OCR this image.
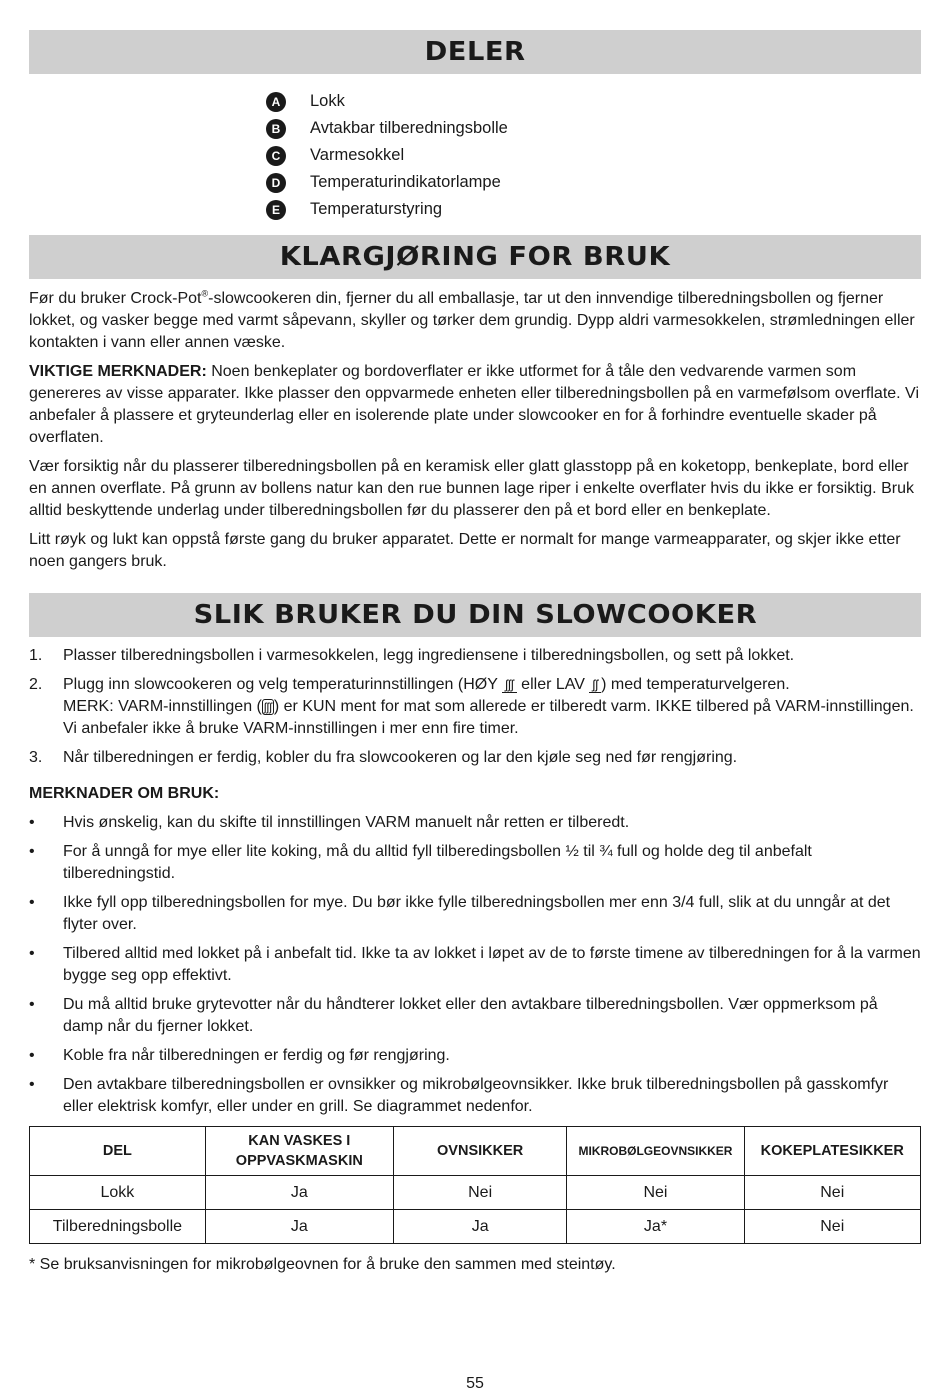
DELER
A	Lokk
B	Avtakbar tilberedningsbolle
C	Varmesokkel
D	Temperaturindikatorlampe
E	Temperaturstyring
KLARGJØRING FOR BRUK

Før du bruker Crock-Pot®-slowcookeren din, fjerner du all emballasje, tar ut den innvendige tilberedningsbollen og fjerner lokket, og vasker begge med varmt såpevann, skyller og tørker dem grundig. Dypp aldri varmesokkelen, strømledningen eller kontakten i vann eller annen væske.

VIKTIGE MERKNADER: Noen benkeplater og bordoverflater er ikke utformet for å tåle den vedvarende varmen som genereres av visse apparater. Ikke plasser den oppvarmede enheten eller tilberedningsbollen på en varmefølsom overflate. Vi anbefaler å plassere et gryteunderlag eller en isolerende plate under slowcooker en for å forhindre eventuelle skader på overflaten.

Vær forsiktig når du plasserer tilberedningsbollen på en keramisk eller glatt glasstopp på en koketopp, benkeplate, bord eller en annen overflate. På grunn av bollens natur kan den rue bunnen lage riper i enkelte overflater hvis du ikke er forsiktig. Bruk alltid beskyttende underlag under tilberedningsbollen før du plasserer den på et bord eller en benkeplate.

Litt røyk og lukt kan oppstå første gang du bruker apparatet. Dette er normalt for mange varmeapparater, og skjer ikke etter noen gangers bruk.

SLIK BRUKER DU DIN SLOWCOOKER
1. Plasser tilberedningsbollen i varmesokkelen, legg ingrediensene i tilberedningsbollen, og sett på lokket.
2. Plugg inn slowcookeren og velg temperaturinnstillingen (HØY ʃʃʃ eller LAV ʃʃ ) med temperaturvelgeren.
MERK: VARM-innstillingen ( ʃʃʃ ) er KUN ment for mat som allerede er tilberedt varm. IKKE tilbered på VARM-innstillingen. Vi anbefaler ikke å bruke VARM-innstillingen i mer enn fire timer.
3. Når tilberedningen er ferdig, kobler du fra slowcookeren og lar den kjøle seg ned før rengjøring.

MERKNADER OM BRUK:

• Hvis ønskelig, kan du skifte til innstillingen VARM manuelt når retten er tilberedt.
• For å unngå for mye eller lite koking, må du alltid fyll tilberedingsbollen ½ til ¾ full og holde deg til anbefalt tilberedningstid.
• Ikke fyll opp tilberedningsbollen for mye. Du bør ikke fylle tilberedningsbollen mer enn 3/4 full, slik at du unngår at det flyter over.
• Tilbered alltid med lokket på i anbefalt tid. Ikke ta av lokket i løpet av de to første timene av tilberedningen for å la varmen bygge seg opp effektivt.
• Du må alltid bruke grytevotter når du håndterer lokket eller den avtakbare tilberedningsbollen. Vær oppmerksom på damp når du fjerner lokket.
• Koble fra når tilberedningen er ferdig og før rengjøring.
• Den avtakbare tilberedningsbollen er ovnsikker og mikrobølgeovnsikker. Ikke bruk tilberedningsbollen på gasskomfyr eller elektrisk komfyr, eller under en grill. Se diagrammet nedenfor.
DEL	KAN VASKES I OPPVASKMASKIN	OVNSIKKER	MIKROBØLGEOVNSIKKER	KOKEPLATESIKKER
Lokk	Ja	Nei	Nei	Nei
Tilberedningsbolle	Ja	Ja	Ja*	Nei
* Se bruksanvisningen for mikrobølgeovnen for å bruke den sammen med steintøy.
55
